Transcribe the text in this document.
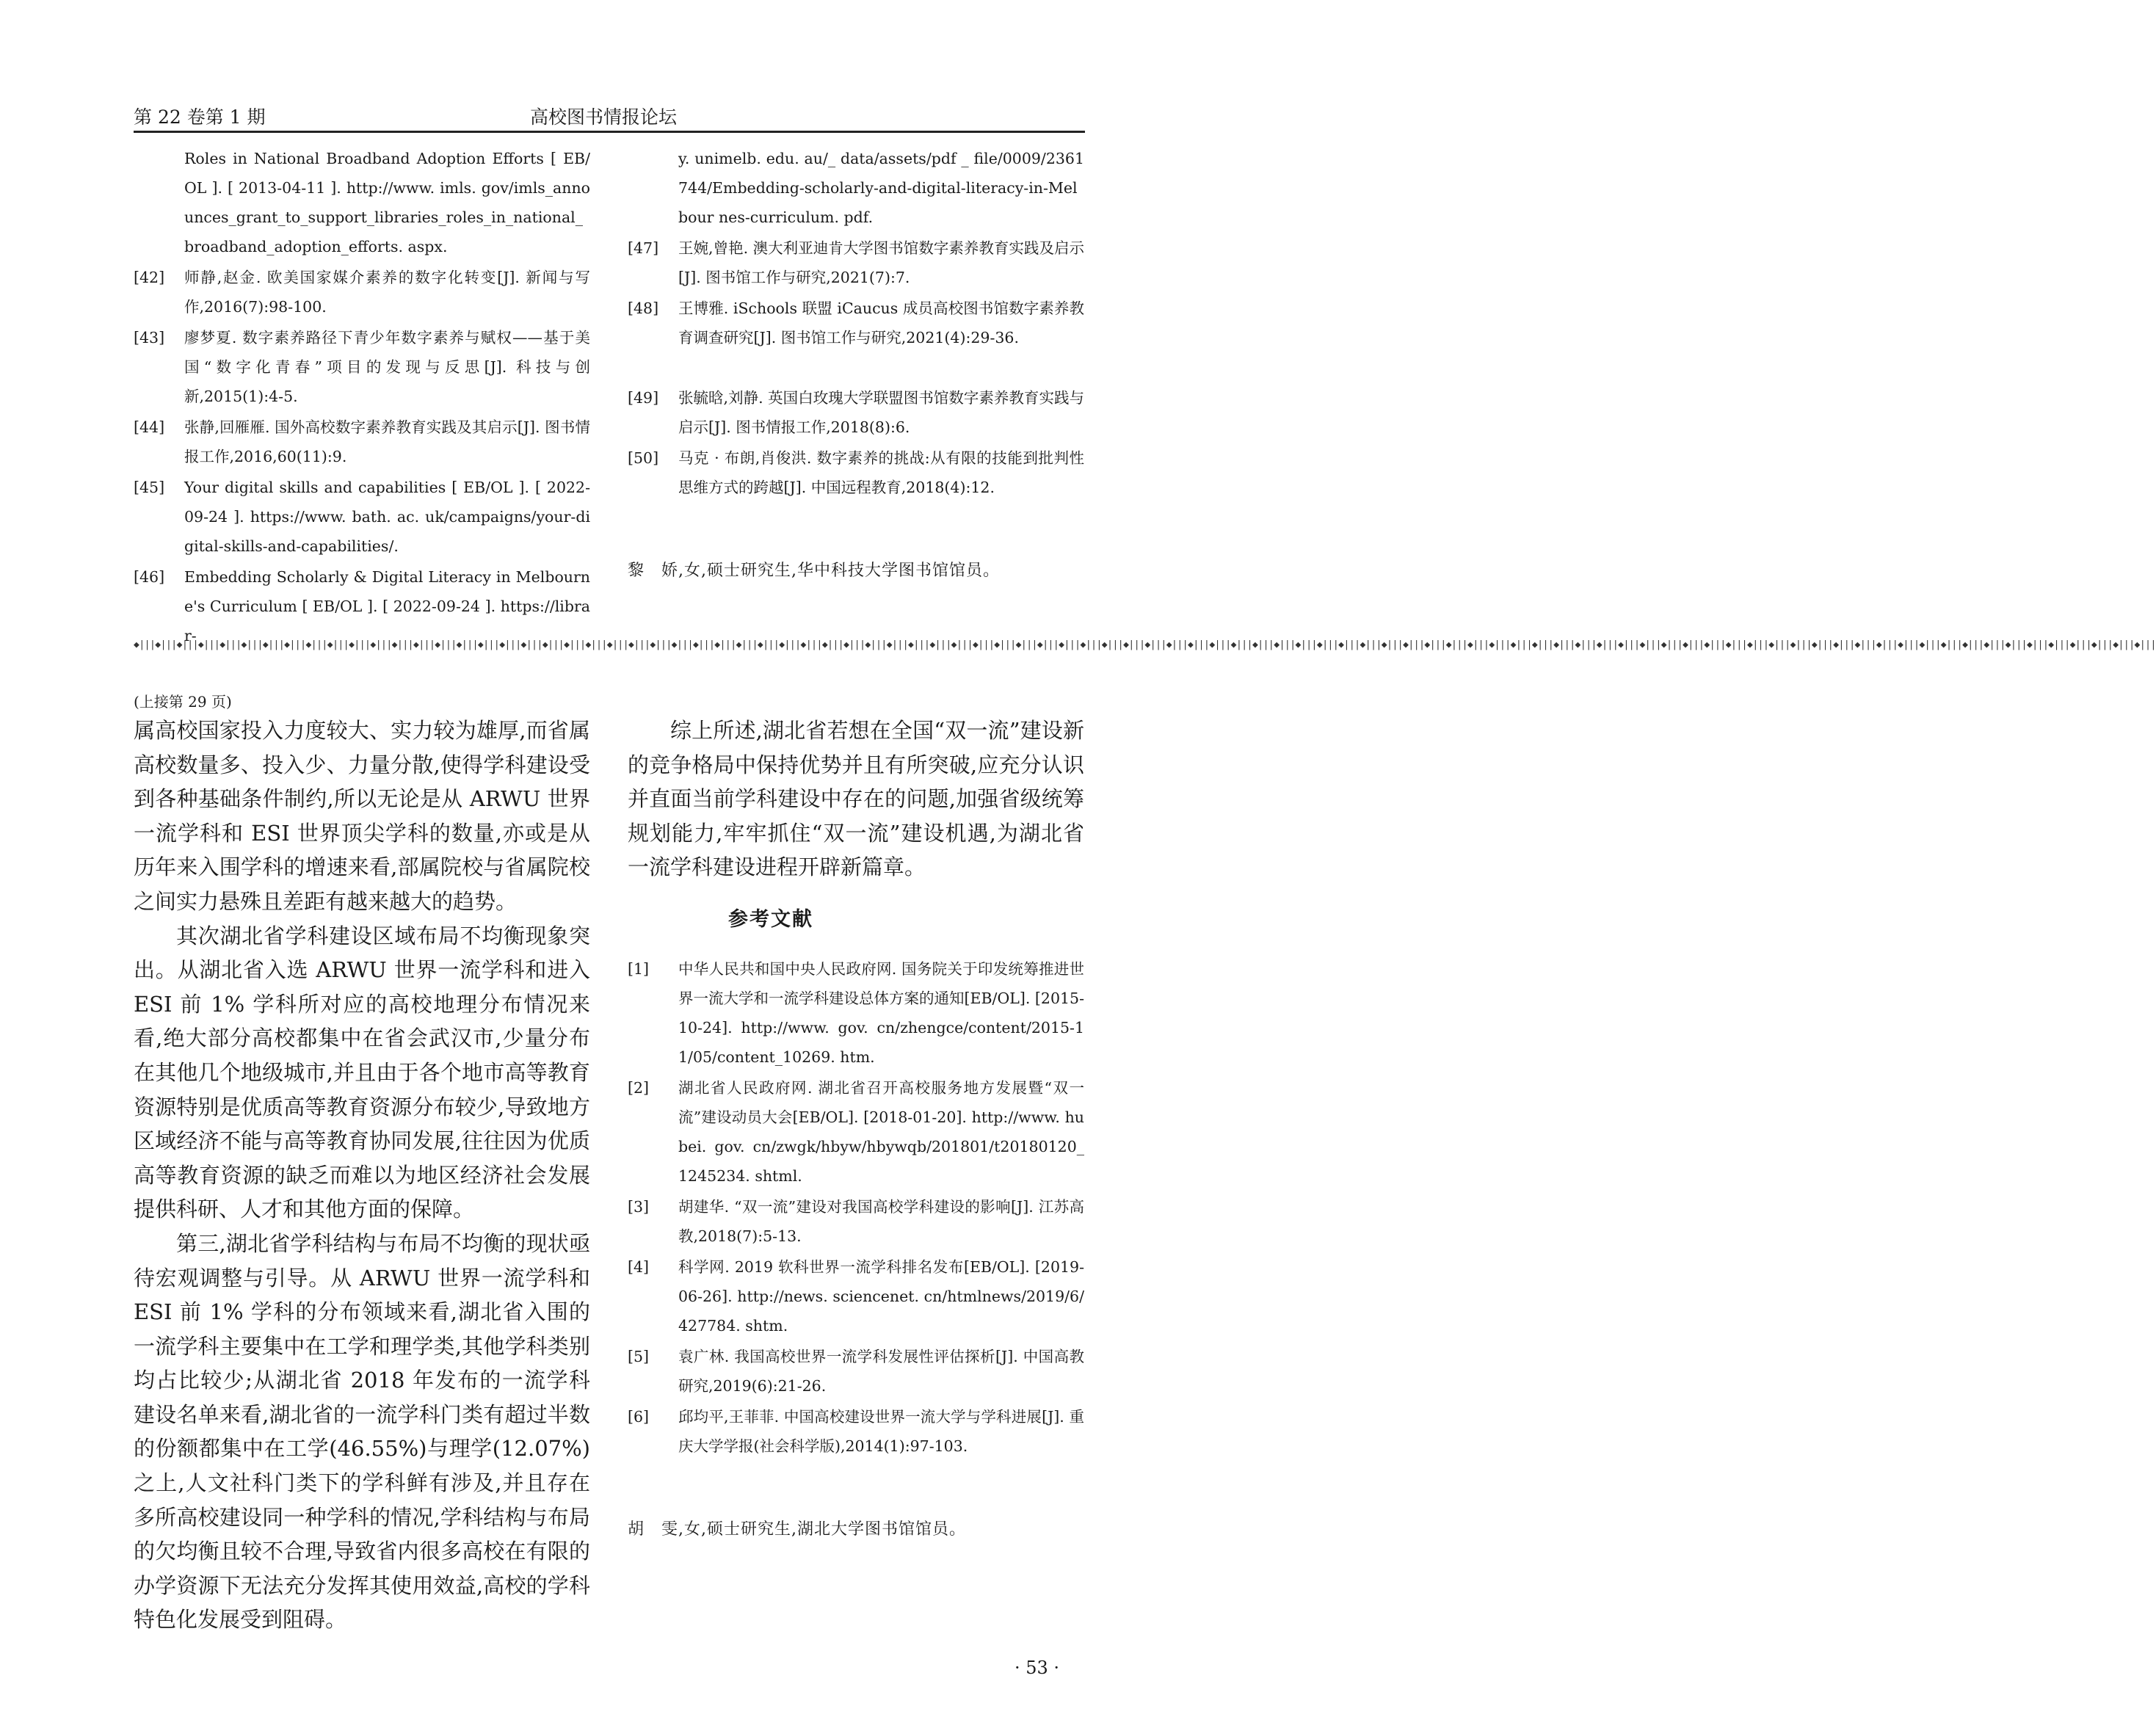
第 22 卷第 1 期	高校图书情报论坛
Roles in National Broadband Adoption Efforts [ EB/ OL ]. [ 2013-04-11 ]. http://www. imls. gov/imls_announces_grant_to_support_libraries_roles_in_national_broadband_adoption_efforts. aspx.
[42] 师静,赵金. 欧美国家媒介素养的数字化转变[J]. 新闻与写作,2016(7):98-100.
[43] 廖梦夏. 数字素养路径下青少年数字素养与赋权——基于美国“数字化青春”项目的发现与反思[J]. 科技与创新,2015(1):4-5.
[44] 张静,回雁雁. 国外高校数字素养教育实践及其启示[J]. 图书情报工作,2016,60(11):9.
[45] Your digital skills and capabilities [ EB/OL ]. [ 2022-09-24 ]. https://www. bath. ac. uk/campaigns/your-digital-skills-and-capabilities/.
[46] Embedding Scholarly & Digital Literacy in Melbourne's Curriculum [ EB/OL ]. [ 2022-09-24 ]. https://librar-
y. unimelb. edu. au/_ data/assets/pdf _ file/0009/2361744/Embedding-scholarly-and-digital-literacy-in-Melbour nes-curriculum. pdf.
[47] 王婉,曾艳. 澳大利亚迪肯大学图书馆数字素养教育实践及启示[J]. 图书馆工作与研究,2021(7):7.
[48] 王博雅. iSchools 联盟 iCaucus 成员高校图书馆数字素养教育调查研究[J]. 图书馆工作与研究,2021(4):29-36.
[49] 张毓晗,刘静. 英国白玫瑰大学联盟图书馆数字素养教育实践与启示[J]. 图书情报工作,2018(8):6.
[50] 马克 · 布朗,肖俊洪. 数字素养的挑战:从有限的技能到批判性思维方式的跨越[J]. 中国远程教育,2018(4):12.
黎　娇,女,硕士研究生,华中科技大学图书馆馆员。
◆|||◆|||◆|||◆|||◆|||◆|||◆|||◆|||◆|||◆|||◆|||◆|||◆|||◆|||◆|||◆|||◆|||◆|||◆|||◆|||◆|||◆|||◆|||◆|||◆|||◆|||◆|||◆|||◆|||◆|||◆|||◆|||◆|||◆|||◆|||◆|||◆|||◆|||◆|||◆|||◆|||◆|||◆|||◆|||◆|||◆|||◆|||◆|||◆|||◆|||◆|||◆|||◆|||◆|||◆|||◆|||◆|||◆|||◆|||◆|||◆|||◆|||◆|||◆|||◆|||◆|||◆|||◆|||◆|||◆|||◆|||◆|||◆|||◆|||◆|||◆|||◆|||◆|||◆|||◆|||◆|||◆|||◆|||◆|||◆|||◆|||◆|||◆|||◆|||◆|||◆|||◆|||◆|||◆|||
(上接第 29 页)

属高校国家投入力度较大、实力较为雄厚,而省属高校数量多、投入少、力量分散,使得学科建设受到各种基础条件制约,所以无论是从 ARWU 世界一流学科和 ESI 世界顶尖学科的数量,亦或是从历年来入围学科的增速来看,部属院校与省属院校之间实力悬殊且差距有越来越大的趋势。

其次湖北省学科建设区域布局不均衡现象突出。从湖北省入选 ARWU 世界一流学科和进入 ESI 前 1% 学科所对应的高校地理分布情况来看,绝大部分高校都集中在省会武汉市,少量分布在其他几个地级城市,并且由于各个地市高等教育资源特别是优质高等教育资源分布较少,导致地方区域经济不能与高等教育协同发展,往往因为优质高等教育资源的缺乏而难以为地区经济社会发展提供科研、人才和其他方面的保障。

第三,湖北省学科结构与布局不均衡的现状亟待宏观调整与引导。从 ARWU 世界一流学科和 ESI 前 1% 学科的分布领域来看,湖北省入围的一流学科主要集中在工学和理学类,其他学科类别均占比较少;从湖北省 2018 年发布的一流学科建设名单来看,湖北省的一流学科门类有超过半数的份额都集中在工学(46.55%)与理学(12.07%)之上,人文社科门类下的学科鲜有涉及,并且存在多所高校建设同一种学科的情况,学科结构与布局的欠均衡且较不合理,导致省内很多高校在有限的办学资源下无法充分发挥其使用效益,高校的学科特色化发展受到阻碍。

综上所述,湖北省若想在全国“双一流”建设新的竞争格局中保持优势并且有所突破,应充分认识并直面当前学科建设中存在的问题,加强省级统筹规划能力,牢牢抓住“双一流”建设机遇,为湖北省一流学科建设进程开辟新篇章。

参考文献
[1] 中华人民共和国中央人民政府网. 国务院关于印发统筹推进世界一流大学和一流学科建设总体方案的通知[EB/OL]. [2015-10-24]. http://www. gov. cn/zhengce/content/2015-11/05/content_10269. htm.
[2] 湖北省人民政府网. 湖北省召开高校服务地方发展暨“双一流”建设动员大会[EB/OL]. [2018-01-20]. http://www. hubei. gov. cn/zwgk/hbyw/hbywqb/201801/t20180120_1245234. shtml.
[3] 胡建华. “双一流”建设对我国高校学科建设的影响[J]. 江苏高教,2018(7):5-13.
[4] 科学网. 2019 软科世界一流学科排名发布[EB/OL]. [2019-06-26]. http://news. sciencenet. cn/htmlnews/2019/6/427784. shtm.
[5] 袁广林. 我国高校世界一流学科发展性评估探析[J]. 中国高教研究,2019(6):21-26.
[6] 邱均平,王菲菲. 中国高校建设世界一流大学与学科进展[J]. 重庆大学学报(社会科学版),2014(1):97-103.
胡　雯,女,硕士研究生,湖北大学图书馆馆员。
· 53 ·
